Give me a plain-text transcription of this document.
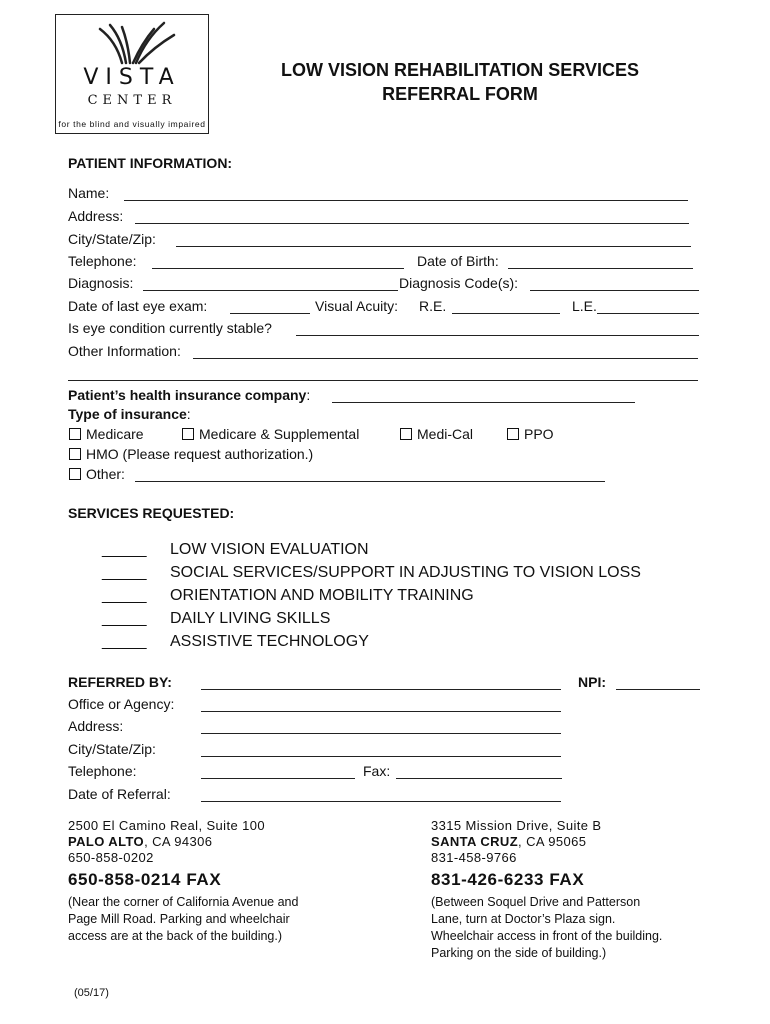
VISTA
CENTER
for the blind and visually impaired
LOW VISION REHABILITATION SERVICES
REFERRAL FORM
PATIENT INFORMATION:
Name:
Address:
City/State/Zip:
Telephone:	Date of Birth:
Diagnosis:	Diagnosis Code(s):
Date of last eye exam:	Visual Acuity: R.E.	L.E.
Is eye condition currently stable?
Other Information:
Patient’s health insurance company:
Type of insurance:
Medicare	Medicare & Supplemental	Medi-Cal	PPO
HMO (Please request authorization.)
Other:
SERVICES REQUESTED:
_____ LOW VISION EVALUATION
_____ SOCIAL SERVICES/SUPPORT IN ADJUSTING TO VISION LOSS
_____ ORIENTATION AND MOBILITY TRAINING
_____ DAILY LIVING SKILLS
_____ ASSISTIVE TECHNOLOGY
REFERRED BY:	NPI:
Office or Agency:
Address:
City/State/Zip:
Telephone:	Fax:
Date of Referral:
2500 El Camino Real, Suite 100
PALO ALTO, CA 94306
650-858-0202
650-858-0214 FAX
(Near the corner of California Avenue and
Page Mill Road. Parking and wheelchair
access are at the back of the building.)
3315 Mission Drive, Suite B
SANTA CRUZ, CA 95065
831-458-9766
831-426-6233 FAX
(Between Soquel Drive and Patterson
Lane, turn at Doctor’s Plaza sign.
Wheelchair access in front of the building.
Parking on the side of building.)
(05/17)
